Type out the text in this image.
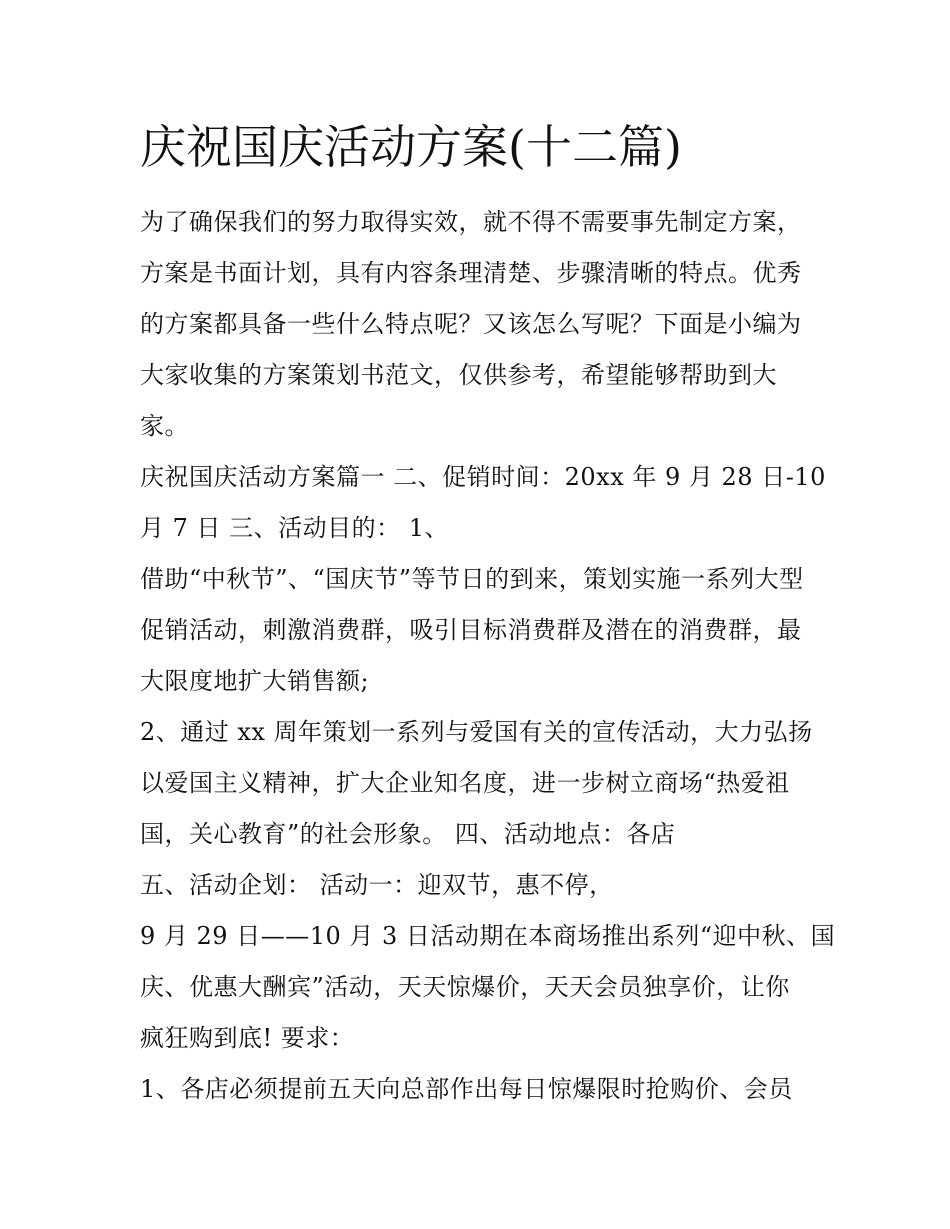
庆祝国庆活动方案(十二篇)

为了确保我们的努力取得实效，就不得不需要事先制定方案，

方案是书面计划，具有内容条理清楚、步骤清晰的特点。优秀

的方案都具备一些什么特点呢？又该怎么写呢？下面是小编为

大家收集的方案策划书范文，仅供参考，希望能够帮助到大

家。

庆祝国庆活动方案篇一 二、促销时间：20xx 年 9 月 28 日-10

月 7 日 三、活动目的： 1、

借助“中秋节”、“国庆节”等节日的到来，策划实施一系列大型

促销活动，刺激消费群，吸引目标消费群及潜在的消费群，最

大限度地扩大销售额;

2、通过 xx 周年策划一系列与爱国有关的宣传活动，大力弘扬

以爱国主义精神，扩大企业知名度，进一步树立商场“热爱祖

国，关心教育”的社会形象。 四、活动地点：各店

五、活动企划： 活动一：迎双节，惠不停，

9 月 29 日——10 月 3 日活动期在本商场推出系列“迎中秋、国

庆、优惠大酬宾”活动，天天惊爆价，天天会员独享价，让你

疯狂购到底! 要求：

1、各店必须提前五天向总部作出每日惊爆限时抢购价、会员
